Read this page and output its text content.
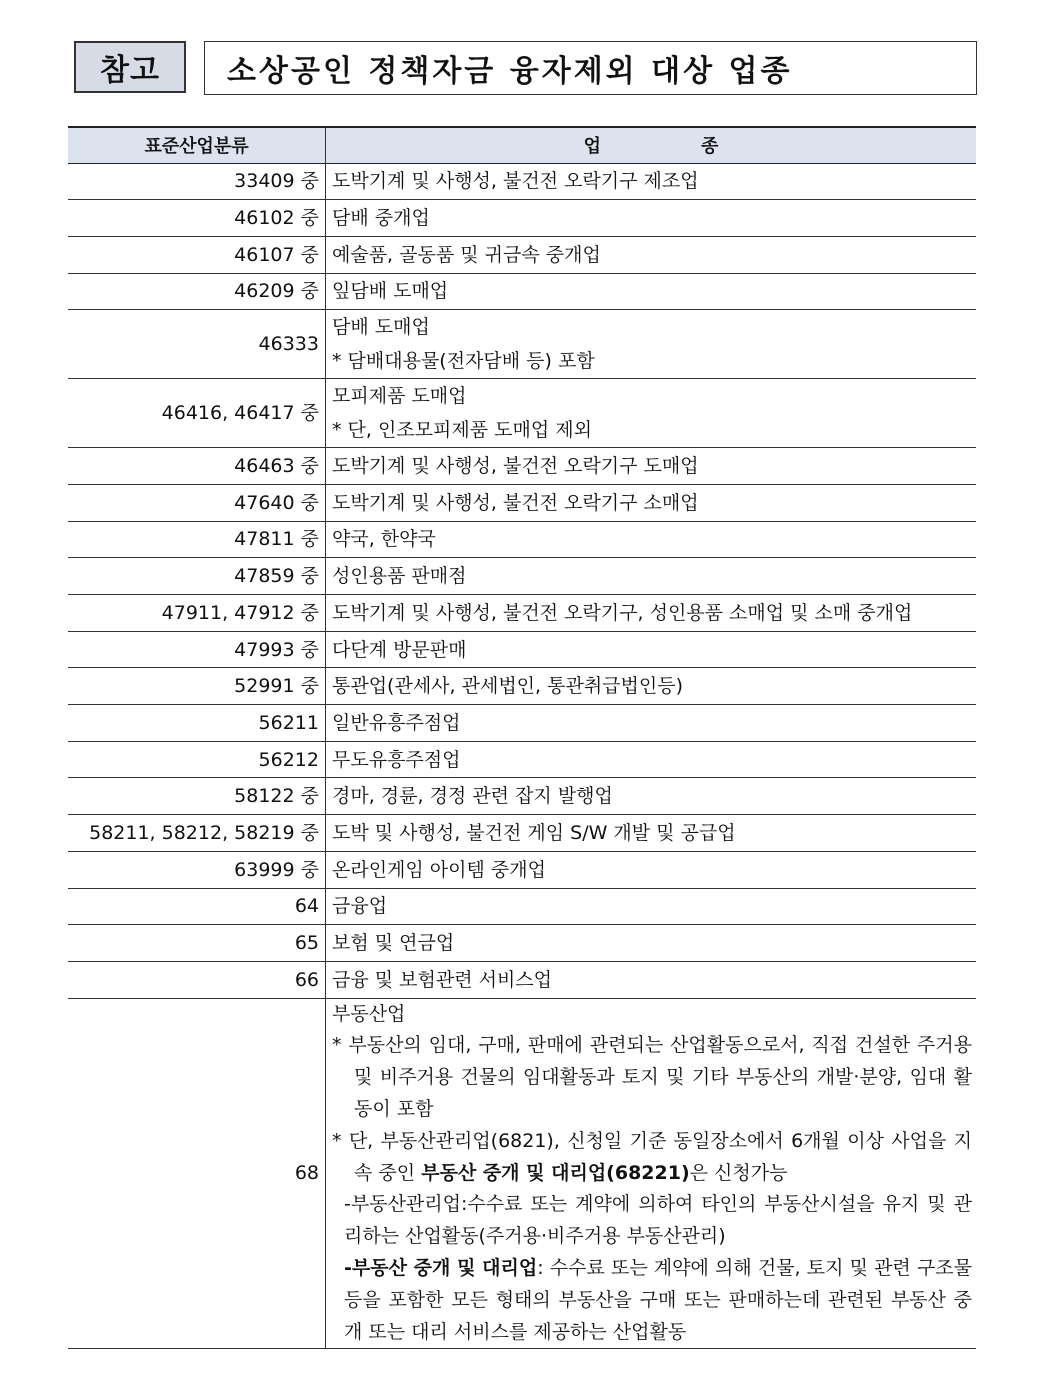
참고	소상공인 정책자금 융자제외 대상 업종
표준산업분류	업 종
33409 중	도박기계 및 사행성, 불건전 오락기구 제조업

46102 중	담배 중개업

46107 중	예술품, 골동품 및 귀금속 중개업

46209 중	잎담배 도매업

46333	담배 도매업
* 담배대용물(전자담배 등) 포함

46416, 46417 중	모피제품 도매업
* 단, 인조모피제품 도매업 제외

46463 중	도박기계 및 사행성, 불건전 오락기구 도매업

47640 중	도박기계 및 사행성, 불건전 오락기구 소매업

47811 중	약국, 한약국

47859 중	성인용품 판매점

47911, 47912 중	도박기계 및 사행성, 불건전 오락기구, 성인용품 소매업 및 소매 중개업

47993 중	다단계 방문판매

52991 중	통관업(관세사, 관세법인, 통관취급법인등)

56211	일반유흥주점업

56212	무도유흥주점업

58122 중	경마, 경륜, 경정 관련 잡지 발행업

58211, 58212, 58219 중	도박 및 사행성, 불건전 게임 S/W 개발 및 공급업

63999 중	온라인게임 아이템 중개업

64	금융업

65	보험 및 연금업

66	금융 및 보험관련 서비스업

68	부동산업
* 부동산의 임대, 구매, 판매에 관련되는 산업활동으로서, 직접 건설한 주거용 및 비주거용 건물의 임대활동과 토지 및 기타 부동산의 개발·분양, 임대 활동이 포함
* 단, 부동산관리업(6821), 신청일 기준 동일장소에서 6개월 이상 사업을 지속 중인 부동산 중개 및 대리업(68221)은 신청가능
-부동산관리업:수수료 또는 계약에 의하여 타인의 부동산시설을 유지 및 관리하는 산업활동(주거용·비주거용 부동산관리)
-부동산 중개 및 대리업: 수수료 또는 계약에 의해 건물, 토지 및 관련 구조물 등을 포함한 모든 형태의 부동산을 구매 또는 판매하는데 관련된 부동산 중개 또는 대리 서비스를 제공하는 산업활동
